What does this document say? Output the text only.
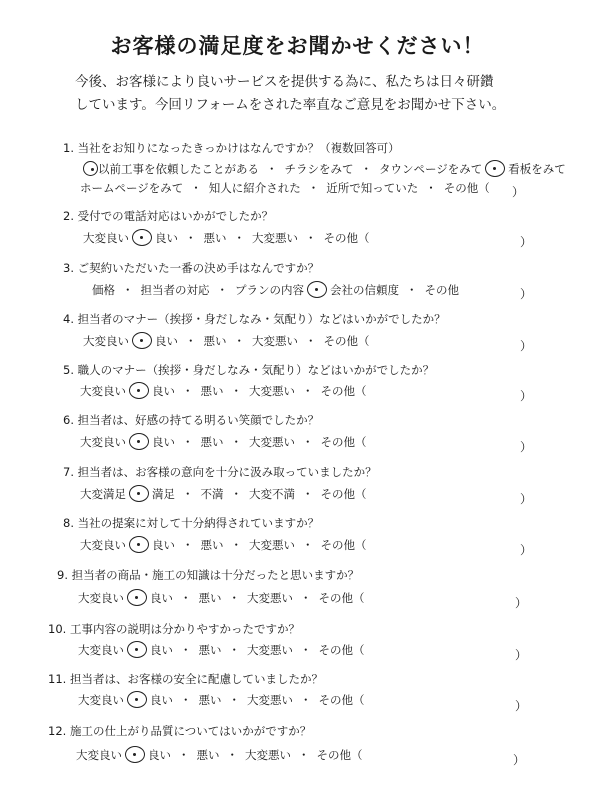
お客様の満足度をお聞かせください！
今後、お客様により良いサービスを提供する為に、私たちは日々研鑽
しています。今回リフォームをされた率直なご意見をお聞かせ下さい。
1. 当社をお知りになったきっかけはなんですか？（複数回答可）
以前工事を依頼したことがある ・ チラシをみて ・ タウンページをみて 看板をみて
ホームページをみて ・ 知人に紹介された ・ 近所で知っていた ・ その他（ ）
2. 受付での電話対応はいかがでしたか？
大変良い 良い ・ 悪い ・ 大変悪い ・ その他（	）
3. ご契約いただいた一番の決め手はなんですか？
価格 ・ 担当者の対応 ・ プランの内容 会社の信頼度 ・ その他	）
4. 担当者のマナー（挨拶・身だしなみ・気配り）などはいかがでしたか？
大変良い 良い ・ 悪い ・ 大変悪い ・ その他（	）
5. 職人のマナー（挨拶・身だしなみ・気配り）などはいかがでしたか？
大変良い 良い ・ 悪い ・ 大変悪い ・ その他（	）
6. 担当者は、好感の持てる明るい笑顔でしたか？
大変良い 良い ・ 悪い ・ 大変悪い ・ その他（	）
7. 担当者は、お客様の意向を十分に汲み取っていましたか？
大変満足 満足 ・ 不満 ・ 大変不満 ・ その他（	）
8. 当社の提案に対して十分納得されていますか？
大変良い 良い ・ 悪い ・ 大変悪い ・ その他（	）
9. 担当者の商品・施工の知識は十分だったと思いますか？
大変良い 良い ・ 悪い ・ 大変悪い ・ その他（	）
10. 工事内容の説明は分かりやすかったですか？
大変良い 良い ・ 悪い ・ 大変悪い ・ その他（	）
11. 担当者は、お客様の安全に配慮していましたか？
大変良い 良い ・ 悪い ・ 大変悪い ・ その他（	）
12. 施工の仕上がり品質についてはいかがですか？
大変良い 良い ・ 悪い ・ 大変悪い ・ その他（	）
